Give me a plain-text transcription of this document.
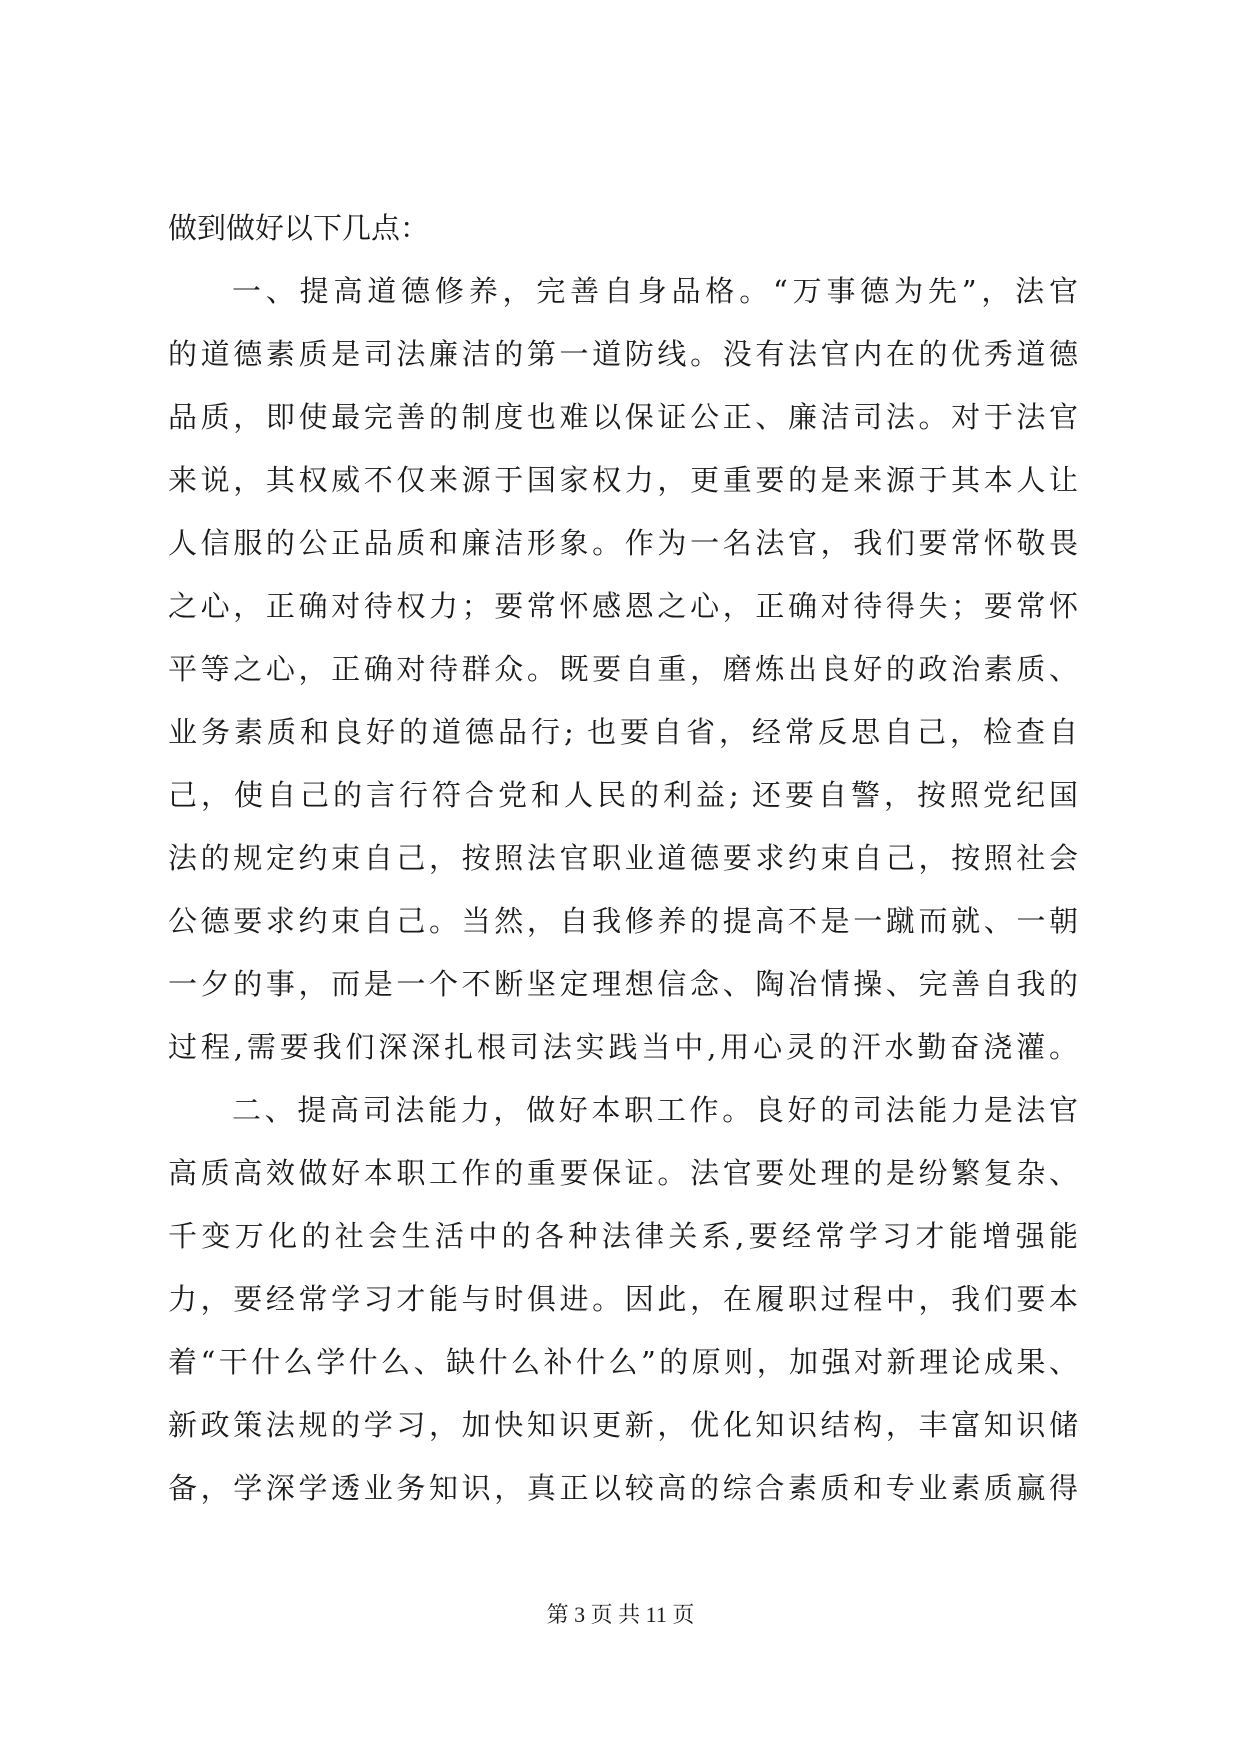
做到做好以下几点：
一、提高道德修养，完善自身品格。“万事德为先”，法官
的道德素质是司法廉洁的第一道防线。没有法官内在的优秀道德
品质，即使最完善的制度也难以保证公正、廉洁司法。对于法官
来说，其权威不仅来源于国家权力，更重要的是来源于其本人让
人信服的公正品质和廉洁形象。作为一名法官，我们要常怀敬畏
之心，正确对待权力；要常怀感恩之心，正确对待得失；要常怀
平等之心，正确对待群众。既要自重，磨炼出良好的政治素质、
业务素质和良好的道德品行; 也要自省，经常反思自己，检查自
己，使自己的言行符合党和人民的利益; 还要自警，按照党纪国
法的规定约束自己，按照法官职业道德要求约束自己，按照社会
公德要求约束自己。当然，自我修养的提高不是一蹴而就、一朝
一夕的事，而是一个不断坚定理想信念、陶冶情操、完善自我的
过程,需要我们深深扎根司法实践当中,用心灵的汗水勤奋浇灌。
二、提高司法能力，做好本职工作。良好的司法能力是法官
高质高效做好本职工作的重要保证。法官要处理的是纷繁复杂、
千变万化的社会生活中的各种法律关系,要经常学习才能增强能
力，要经常学习才能与时俱进。因此，在履职过程中，我们要本
着“干什么学什么、缺什么补什么”的原则，加强对新理论成果、
新政策法规的学习，加快知识更新，优化知识结构，丰富知识储
备，学深学透业务知识，真正以较高的综合素质和专业素质赢得
第 3 页 共 11 页
